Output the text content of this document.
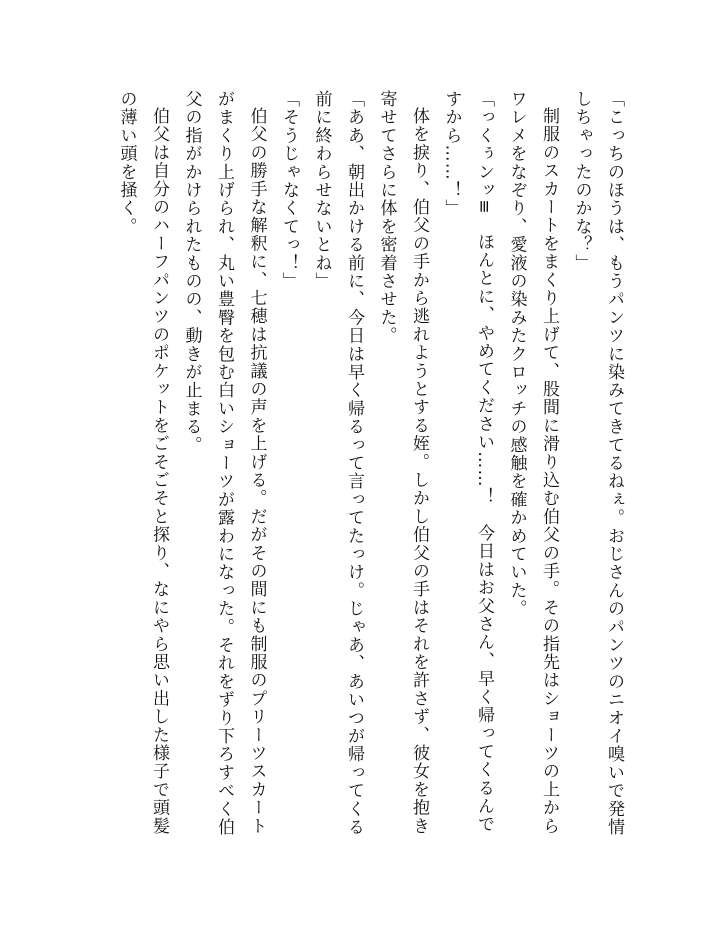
「こっちのほうは、もうパンツに染みてきてるねぇ。おじさんのパンツのニオイ嗅いで発情しちゃったのかな？」

制服のスカートをまくり上げて、股間に滑り込む伯父の手。その指先はショーツの上からワレメをなぞり、愛液の染みたクロッチの感触を確かめていた。

「っくぅンッ≡　ほんとに、やめてください……！　今日はお父さん、早く帰ってくるんですから……！」

体を捩り、伯父の手から逃れようとする姪。しかし伯父の手はそれを許さず、彼女を抱き寄せてさらに体を密着させた。

「ああ、朝出かける前に、今日は早く帰るって言ってたっけ。じゃあ、あいつが帰ってくる前に終わらせないとね」

「そうじゃなくてっ！」

伯父の勝手な解釈に、七穂は抗議の声を上げる。だがその間にも制服のプリーツスカートがまくり上げられ、丸い豊臀を包む白いショーツが露わになった。それをずり下ろすべく伯父の指がかけられたものの、動きが止まる。

伯父は自分のハーフパンツのポケットをごそごそと探り、なにやら思い出した様子で頭髪の薄い頭を掻く。
